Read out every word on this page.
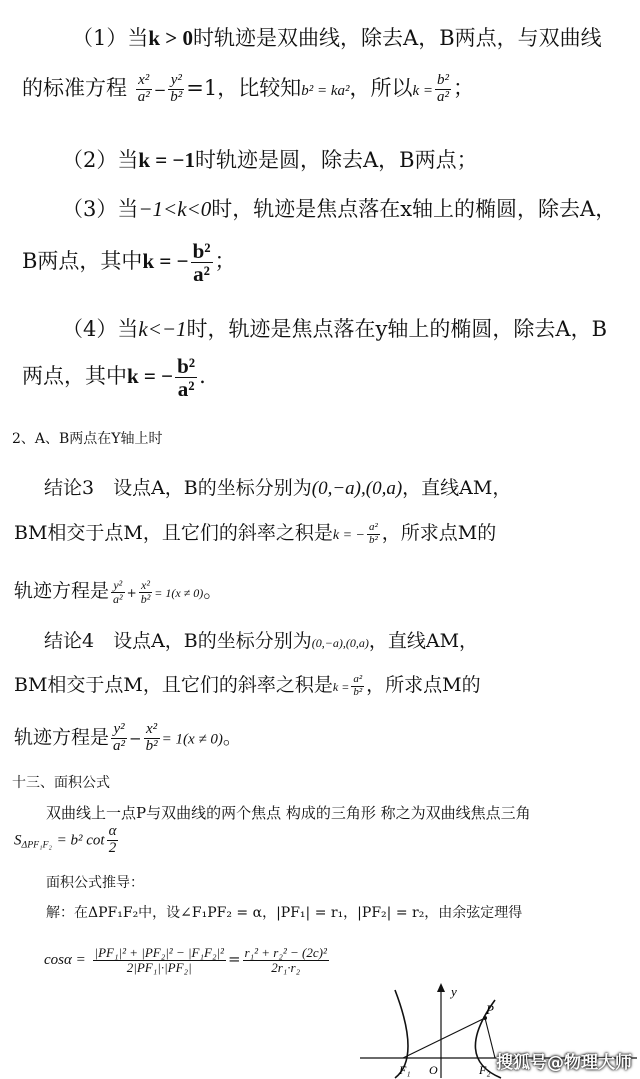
（1）当k > 0时轨迹是双曲线，除去A，B两点，与双曲线
的标准方程 $\frac{\text{x²}}{\text{a²}} - \frac{\text{y²}}{\text{b²}} =1$，比较知b² = ka²，所以$k = \frac{\text{b²}}{\text{a²}}$ ；
（2）当k = −1时轨迹是圆，除去A，B两点；
（3）当−1<k<0时，轨迹是焦点落在x轴上的椭圆，除去A，
B两点，其中k = − $\frac{\text{b²}}{\text{a²}}$ ；
（4）当k<−1时，轨迹是焦点落在y轴上的椭圆，除去A，B
两点，其中k = − $\frac{\text{b²}}{\text{a²}}$ .
2、A、B两点在Y轴上时
结论3　设点A，B的坐标分别为(0,−a),(0,a)，直线AM，
BM相交于点M，且它们的斜率之积是k = − $\frac{\text{a²}}{\text{b²}}$ ，所求点M的
轨迹方程是 $\frac{\text{y²}}{\text{a²}} + \frac{\text{x²}}{\text{b²}} = 1(x \ne 0)$。
结论4　设点A，B的坐标分别为(0,−a),(0,a)，直线AM，
BM相交于点M，且它们的斜率之积是$k = \frac{\text{a²}}{\text{b²}}$ ，所求点M的
轨迹方程是 $\frac{\text{y²}}{\text{a²}} - \frac{\text{x²}}{\text{b²}} = 1(x \ne 0)$。
十三、面积公式
双曲线上一点P与双曲线的两个焦点 构成的三角形 称之为双曲线焦点三角
$S_{\Delta PF_1F_2} = b^2$ $\cot \frac{\alpha}{2}$
面积公式推导：
解：在ΔPF₁F₂中，设∠F₁PF₂ = α，|PF₁| = r₁，|PF₂| = r₂，由余弦定理得
$\cos\alpha = \frac{\text{|PF₁|² + |PF₂|² − |F₁F₂|²}}{\text{2|PF₁|·|PF₂|}} = \frac{\text{r₁² + r₂² − (2c)²}}{\text{2r₁·r₂}}$
y
P
F₁ O	F₂ 搜狐号@物理大师
